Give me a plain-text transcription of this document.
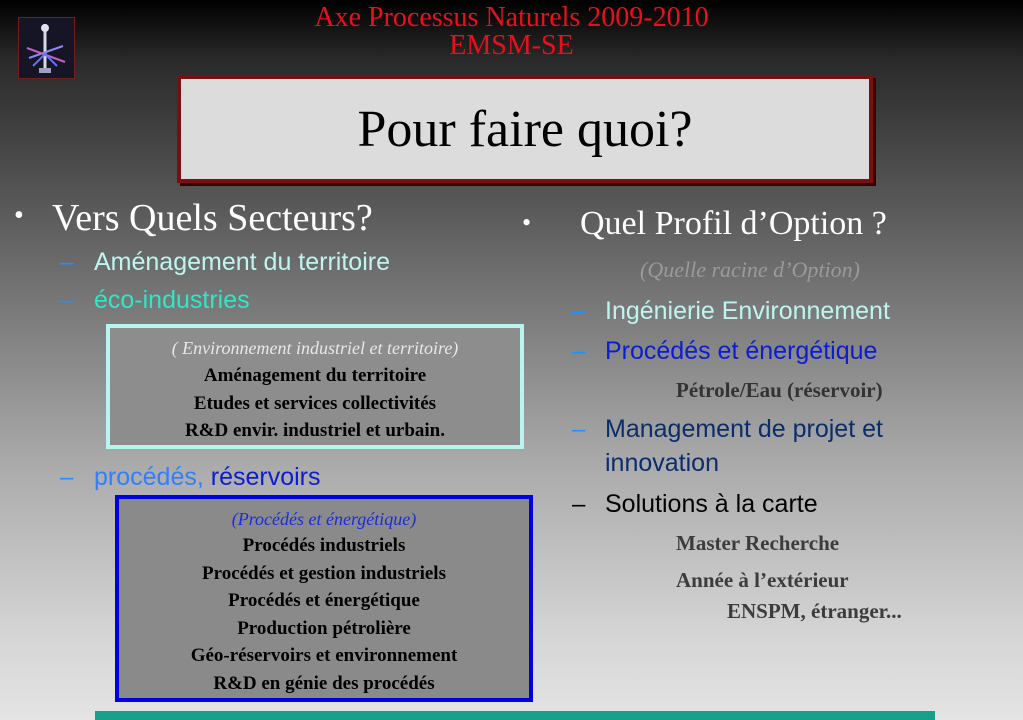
Axe Processus Naturels 2009-2010
EMSM-SE
Pour faire quoi?
• Vers Quels Secteurs?
– Aménagement du territoire
– éco-industries
( Environnement industriel et territoire)
Aménagement du territoire
Etudes et services collectivités
R&D envir. industriel et urbain.
– procédés, réservoirs
(Procédés et énergétique)
Procédés industriels
Procédés et gestion industriels
Procédés et énergétique
Production pétrolière
Géo-réservoirs et environnement
R&D en génie des procédés
• Quel Profil d’Option ?
(Quelle racine d’Option)
– Ingénierie Environnement
– Procédés et énergétique
Pétrole/Eau (réservoir)
– Management de projet et
innovation
– Solutions à la carte
Master Recherche
Année à l’extérieur
ENSPM, étranger...
